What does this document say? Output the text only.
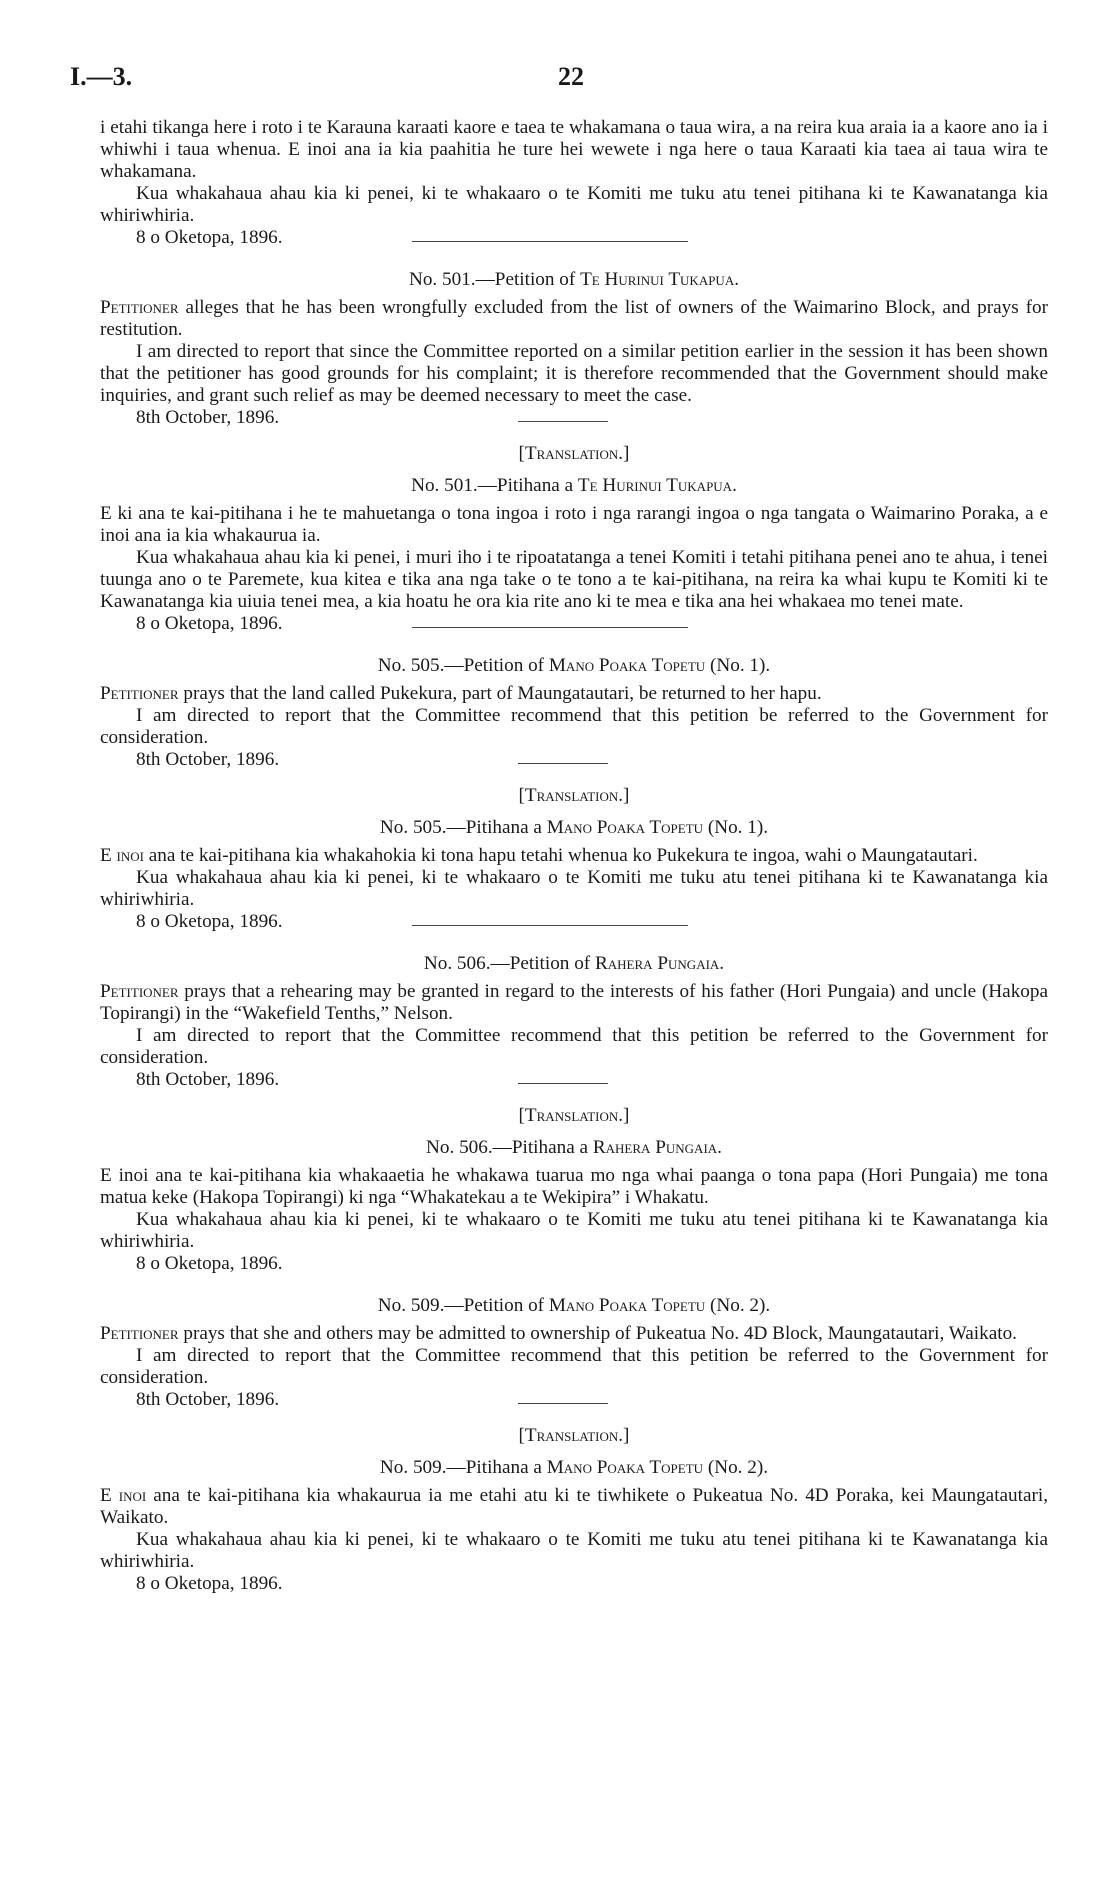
I.—3.	22

i etahi tikanga here i roto i te Karauna karaati kaore e taea te whakamana o taua wira, a na reira kua araia ia a kaore ano ia i whiwhi i taua whenua. E inoi ana ia kia paahitia he ture hei wewete i nga here o taua Karaati kia taea ai taua wira te whakamana.

Kua whakahaua ahau kia ki penei, ki te whakaaro o te Komiti me tuku atu tenei pitihana ki te Kawanatanga kia whiriwhiria.

8 o Oketopa, 1896.

No. 501.—Petition of Te Hurinui Tukapua.

Petitioner alleges that he has been wrongfully excluded from the list of owners of the Waimarino Block, and prays for restitution.

I am directed to report that since the Committee reported on a similar petition earlier in the session it has been shown that the petitioner has good grounds for his complaint; it is therefore recommended that the Government should make inquiries, and grant such relief as may be deemed necessary to meet the case.

8th October, 1896.

[Translation.]

No. 501.—Pitihana a Te Hurinui Tukapua.

E ki ana te kai-pitihana i he te mahuetanga o tona ingoa i roto i nga rarangi ingoa o nga tangata o Waimarino Poraka, a e inoi ana ia kia whakaurua ia.

Kua whakahaua ahau kia ki penei, i muri iho i te ripoatatanga a tenei Komiti i tetahi pitihana penei ano te ahua, i tenei tuunga ano o te Paremete, kua kitea e tika ana nga take o te tono a te kai-pitihana, na reira ka whai kupu te Komiti ki te Kawanatanga kia uiuia tenei mea, a kia hoatu he ora kia rite ano ki te mea e tika ana hei whakaea mo tenei mate.

8 o Oketopa, 1896.

No. 505.—Petition of Mano Poaka Topetu (No. 1).

Petitioner prays that the land called Pukekura, part of Maungatautari, be returned to her hapu.

I am directed to report that the Committee recommend that this petition be referred to the Government for consideration.

8th October, 1896.

[Translation.]

No. 505.—Pitihana a Mano Poaka Topetu (No. 1).

E inoi ana te kai-pitihana kia whakahokia ki tona hapu tetahi whenua ko Pukekura te ingoa, wahi o Maungatautari.

Kua whakahaua ahau kia ki penei, ki te whakaaro o te Komiti me tuku atu tenei pitihana ki te Kawanatanga kia whiriwhiria.

8 o Oketopa, 1896.

No. 506.—Petition of Rahera Pungaia.

Petitioner prays that a rehearing may be granted in regard to the interests of his father (Hori Pungaia) and uncle (Hakopa Topirangi) in the “Wakefield Tenths,” Nelson.

I am directed to report that the Committee recommend that this petition be referred to the Government for consideration.

8th October, 1896.

[Translation.]

No. 506.—Pitihana a Rahera Pungaia.

E inoi ana te kai-pitihana kia whakaaetia he whakawa tuarua mo nga whai paanga o tona papa (Hori Pungaia) me tona matua keke (Hakopa Topirangi) ki nga “Whakatekau a te Wekipira” i Whakatu.

Kua whakahaua ahau kia ki penei, ki te whakaaro o te Komiti me tuku atu tenei pitihana ki te Kawanatanga kia whiriwhiria.

8 o Oketopa, 1896.

No. 509.—Petition of Mano Poaka Topetu (No. 2).

Petitioner prays that she and others may be admitted to ownership of Pukeatua No. 4D Block, Maungatautari, Waikato.

I am directed to report that the Committee recommend that this petition be referred to the Government for consideration.

8th October, 1896.

[Translation.]

No. 509.—Pitihana a Mano Poaka Topetu (No. 2).

E inoi ana te kai-pitihana kia whakaurua ia me etahi atu ki te tiwhikete o Pukeatua No. 4D Poraka, kei Maungatautari, Waikato.

Kua whakahaua ahau kia ki penei, ki te whakaaro o te Komiti me tuku atu tenei pitihana ki te Kawanatanga kia whiriwhiria.

8 o Oketopa, 1896.
